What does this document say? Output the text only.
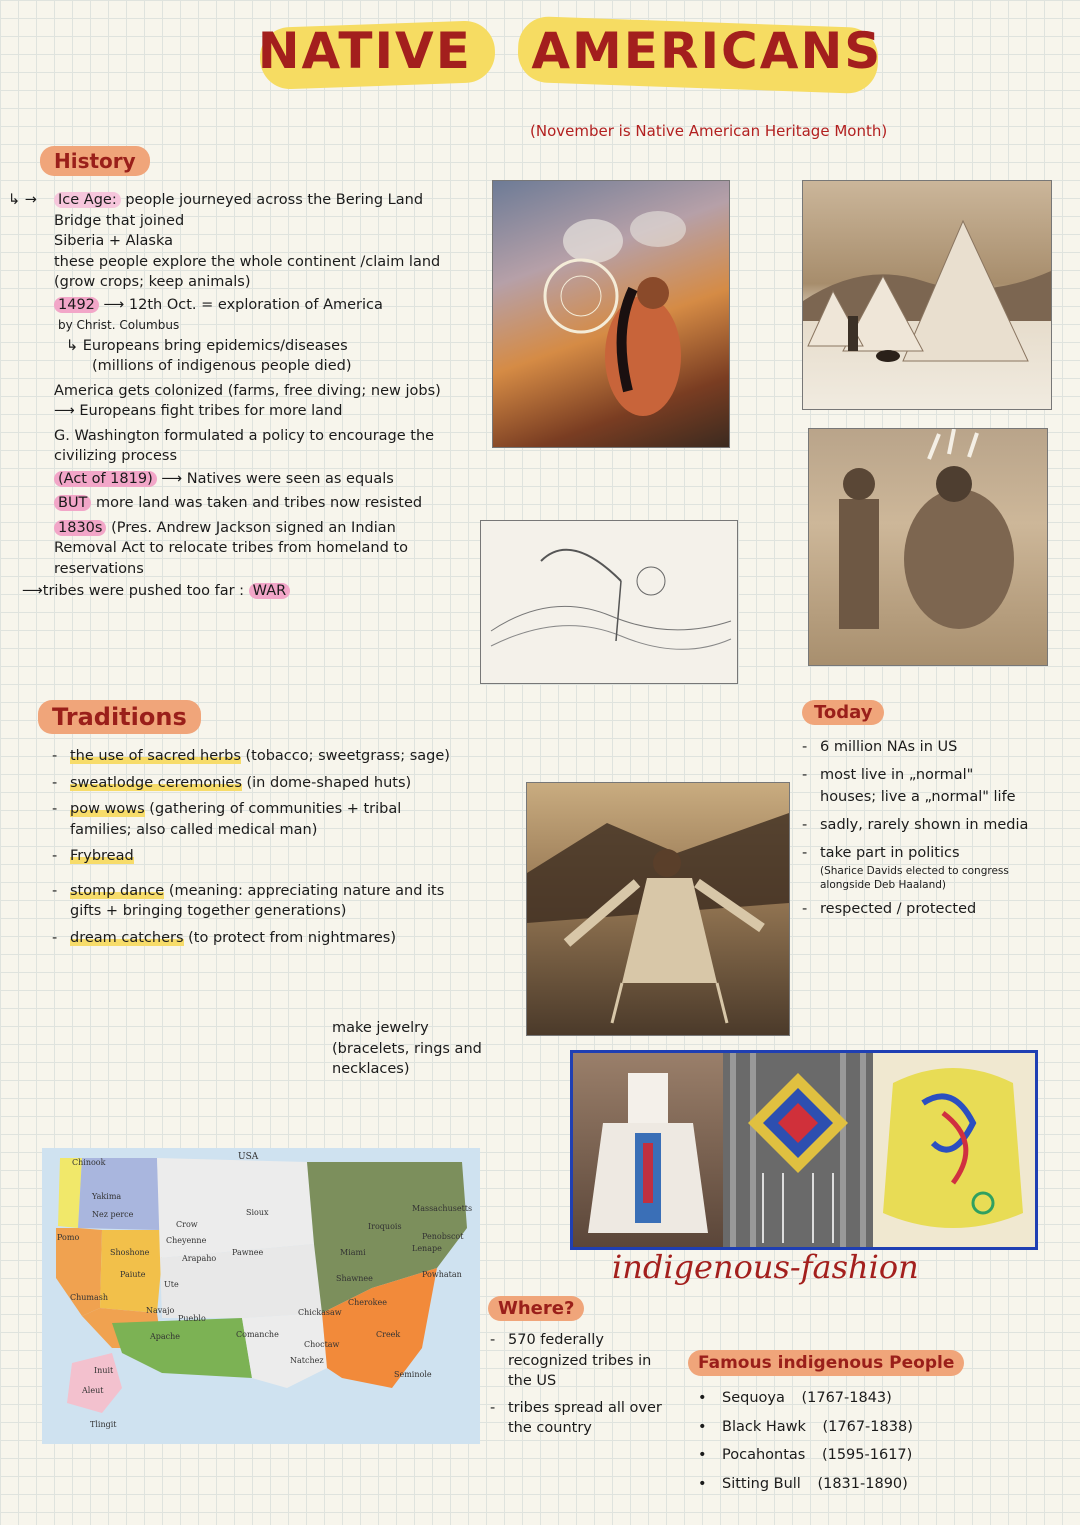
NATIVE AMERICANS
(November is Native American Heritage Month)
History
↳ → Ice Age: people journeyed across the Bering Land Bridge that joined
Siberia + Alaska
these people explore the whole continent /claim land (grow crops; keep animals)
1492 ⟶ 12th Oct. = exploration of America
by Christ. Columbus
↳ Europeans bring epidemics/diseases
(millions of indigenous people died)
America gets colonized (farms, free diving; new jobs) ⟶ Europeans fight tribes for more land
G. Washington formulated a policy to encourage the civilizing process
(Act of 1819) ⟶ Natives were seen as equals
BUT more land was taken and tribes now resisted
1830s (Pres. Andrew Jackson signed an Indian Removal Act to relocate tribes from homeland to reservations
⟶tribes were pushed too far : WAR
Traditions
- the use of sacred herbs (tobacco; sweetgrass; sage)
- sweatlodge ceremonies (in dome-shaped huts)
- pow wows (gathering of communities + tribal families; also called medical man)
- Frybread
- stomp dance (meaning: appreciating nature and its gifts + bringing together generations)
- dream catchers (to protect from nightmares)
make jewelry (bracelets, rings and necklaces)
Today
- 6 million NAs in US
- most live in „normal" houses; live a „normal" life
- sadly, rarely shown in media
- take part in politics
(Sharice Davids elected to congress alongside Deb Haaland)
- respected / protected
indigenous-fashion
USA
Chinook
Yakima
Nez perce
Pomo
Shoshone
Paiute
Chumash
Crow
Cheyenne
Arapaho
Sioux
Ute
Pawnee
Navajo
Pueblo
Apache	Comanche
Miami
Iroquois
Massachusetts
Penobscot
Lenape
Powhatan
Shawnee
Cherokee
Chickasaw
Choctaw
Natchez
Creek
Seminole
Aleut
Tlingit
Inuit
Where?
- 570 federally recognized tribes in the US
- tribes spread all over the country
Famous indigenous People
• Sequoya (1767-1843)
• Black Hawk (1767-1838)
• Pocahontas (1595-1617)
• Sitting Bull (1831-1890)
